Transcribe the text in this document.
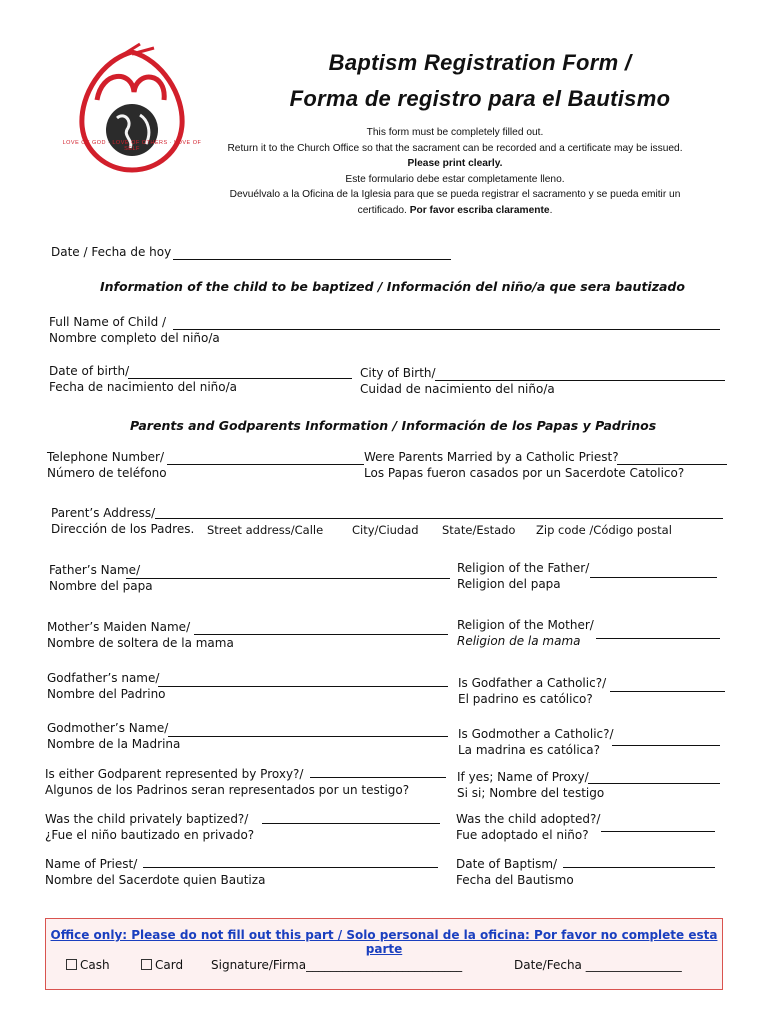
LOVE OF GOD · LOVE OF OTHERS · LOVE OF SELF
Baptism Registration Form /
Forma de registro para el Bautismo
This form must be completely filled out.
Return it to the Church Office so that the sacrament can be recorded and a certificate may be issued.
Please print clearly.
Este formulario debe estar completamente lleno.
Devuélvalo a la Oficina de la Iglesia para que se pueda registrar el sacramento y se pueda emitir un
certificado. Por favor escriba claramente.
Date / Fecha de hoy
Information of the child to be baptized / Información del niño/a que sera bautizado
Full Name of Child /
Nombre completo del niño/a
Date of birth/
Fecha de nacimiento del niño/a
City of Birth/
Cuidad de nacimiento del niño/a
Parents and Godparents Information / Información de los Papas y Padrinos
Telephone Number/
Número de teléfono
Were Parents Married by a Catholic Priest?
Los Papas fueron casados por un Sacerdote Catolico?
Parent’s Address/
Dirección de los Padres. Street address/Calle	City/Ciudad State/Estado Zip code /Código postal
Father’s Name/
Nombre del papa
Religion of the Father/
Religion del papa
Mother’s Maiden Name/
Nombre de soltera de la mama
Religion of the Mother/
Religion de la mama
Godfather’s name/
Nombre del Padrino
Is Godfather a Catholic?/
El padrino es católico?
Godmother’s Name/
Nombre de la Madrina
Is Godmother a Catholic?/
La madrina es católica?
Is either Godparent represented by Proxy?/
Algunos de los Padrinos seran representados por un testigo?
If yes; Name of Proxy/
Si si; Nombre del testigo
Was the child privately baptized?/
¿Fue el niño bautizado en privado?
Was the child adopted?/
Fue adoptado el niño?
Name of Priest/
Nombre del Sacerdote quien Bautiza
Date of Baptism/
Fecha del Bautismo
Office only: Please do not fill out this part / Solo personal de la oficina: Por favor no complete esta parte
Cash	Card Signature/Firma__________________________	Date/Fecha ________________
